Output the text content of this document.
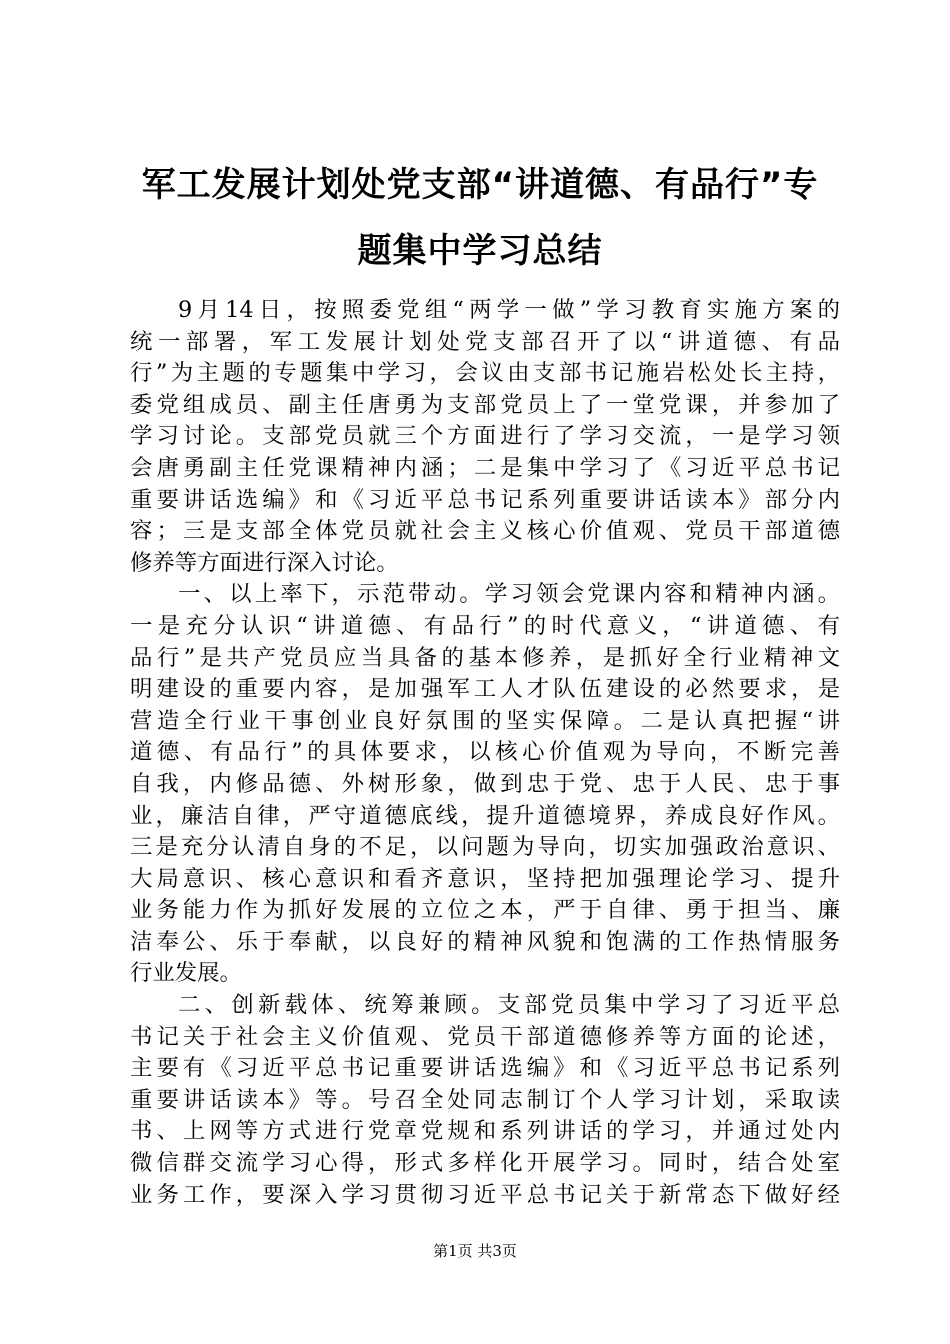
军工发展计划处党支部“讲道德、有品行”专
题集中学习总结
9月14日，按照委党组“两学一做”学习教育实施方案的
统一部署，军工发展计划处党支部召开了以“讲道德、有品
行”为主题的专题集中学习，会议由支部书记施岩松处长主持，
委党组成员、副主任唐勇为支部党员上了一堂党课，并参加了
学习讨论。支部党员就三个方面进行了学习交流，一是学习领
会唐勇副主任党课精神内涵；二是集中学习了《习近平总书记
重要讲话选编》和《习近平总书记系列重要讲话读本》部分内
容；三是支部全体党员就社会主义核心价值观、党员干部道德
修养等方面进行深入讨论。
一、以上率下，示范带动。学习领会党课内容和精神内涵。
一是充分认识“讲道德、有品行”的时代意义，“讲道德、有
品行”是共产党员应当具备的基本修养，是抓好全行业精神文
明建设的重要内容，是加强军工人才队伍建设的必然要求，是
营造全行业干事创业良好氛围的坚实保障。二是认真把握“讲
道德、有品行”的具体要求，以核心价值观为导向，不断完善
自我，内修品德、外树形象，做到忠于党、忠于人民、忠于事
业，廉洁自律，严守道德底线，提升道德境界，养成良好作风。
三是充分认清自身的不足，以问题为导向，切实加强政治意识、
大局意识、核心意识和看齐意识，坚持把加强理论学习、提升
业务能力作为抓好发展的立位之本，严于自律、勇于担当、廉
洁奉公、乐于奉献，以良好的精神风貌和饱满的工作热情服务
行业发展。
二、创新载体、统筹兼顾。支部党员集中学习了习近平总
书记关于社会主义价值观、党员干部道德修养等方面的论述，
主要有《习近平总书记重要讲话选编》和《习近平总书记系列
重要讲话读本》等。号召全处同志制订个人学习计划，采取读
书、上网等方式进行党章党规和系列讲话的学习，并通过处内
微信群交流学习心得，形式多样化开展学习。同时，结合处室
业务工作，要深入学习贯彻习近平总书记关于新常态下做好经
第1页 共3页
